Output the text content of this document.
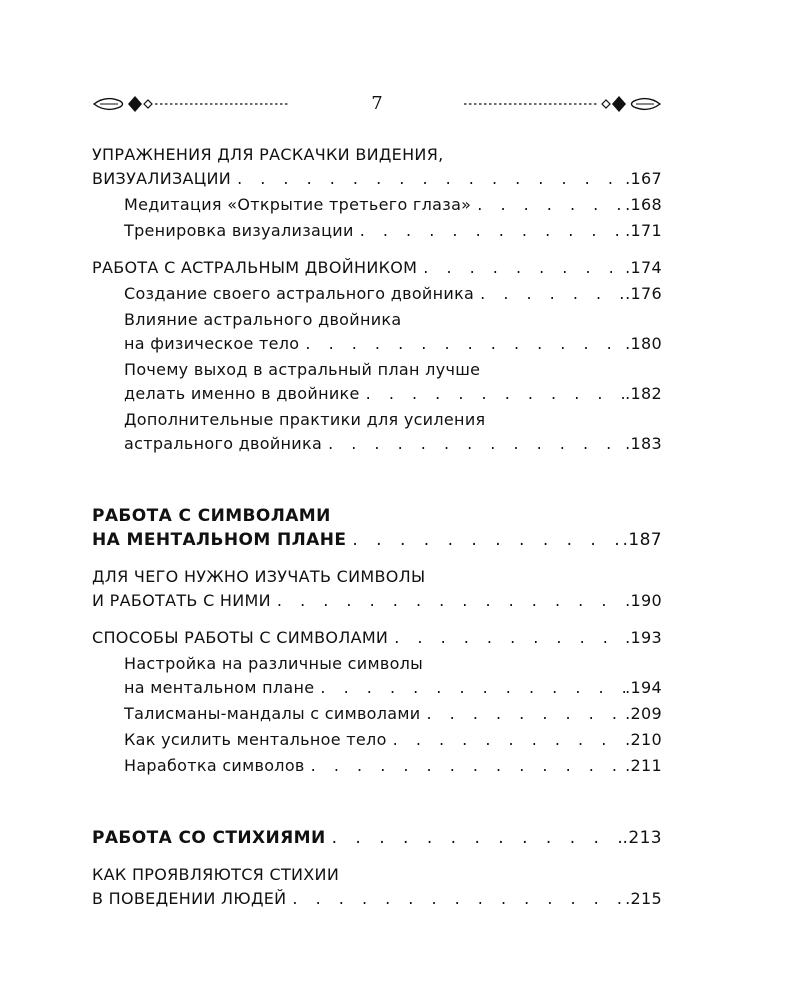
7
УПРАЖНЕНИЯ ДЛЯ РАСКАЧКИ ВИДЕНИЯ,
ВИЗУАЛИЗАЦИИ . . .	.167
Медитация «Открытие третьего глаза» . . .	.168
Тренировка визуализации . . .	.171
РАБОТА С АСТРАЛЬНЫМ ДВОЙНИКОМ . . .	.174
Создание своего астрального двойника . . .	.176
Влияние астрального двойника
на физическое тело . . .	.180
Почему выход в астральный план лучше
делать именно в двойнике . . .	.182
Дополнительные практики для усиления
астрального двойника . . .	.183
РАБОТА С СИМВОЛАМИ
НА МЕНТАЛЬНОМ ПЛАНЕ . . .	.187
ДЛЯ ЧЕГО НУЖНО ИЗУЧАТЬ СИМВОЛЫ
И РАБОТАТЬ С НИМИ . . .	.190
СПОСОБЫ РАБОТЫ С СИМВОЛАМИ . . .	.193
Настройка на различные символы
на ментальном плане . . .	.194
Талисманы-мандалы с символами . . .	.209
Как усилить ментальное тело . . .	.210
Наработка символов . . .	.211
РАБОТА СО СТИХИЯМИ . . .	.213
КАК ПРОЯВЛЯЮТСЯ СТИХИИ
В ПОВЕДЕНИИ ЛЮДЕЙ . . .	.215
